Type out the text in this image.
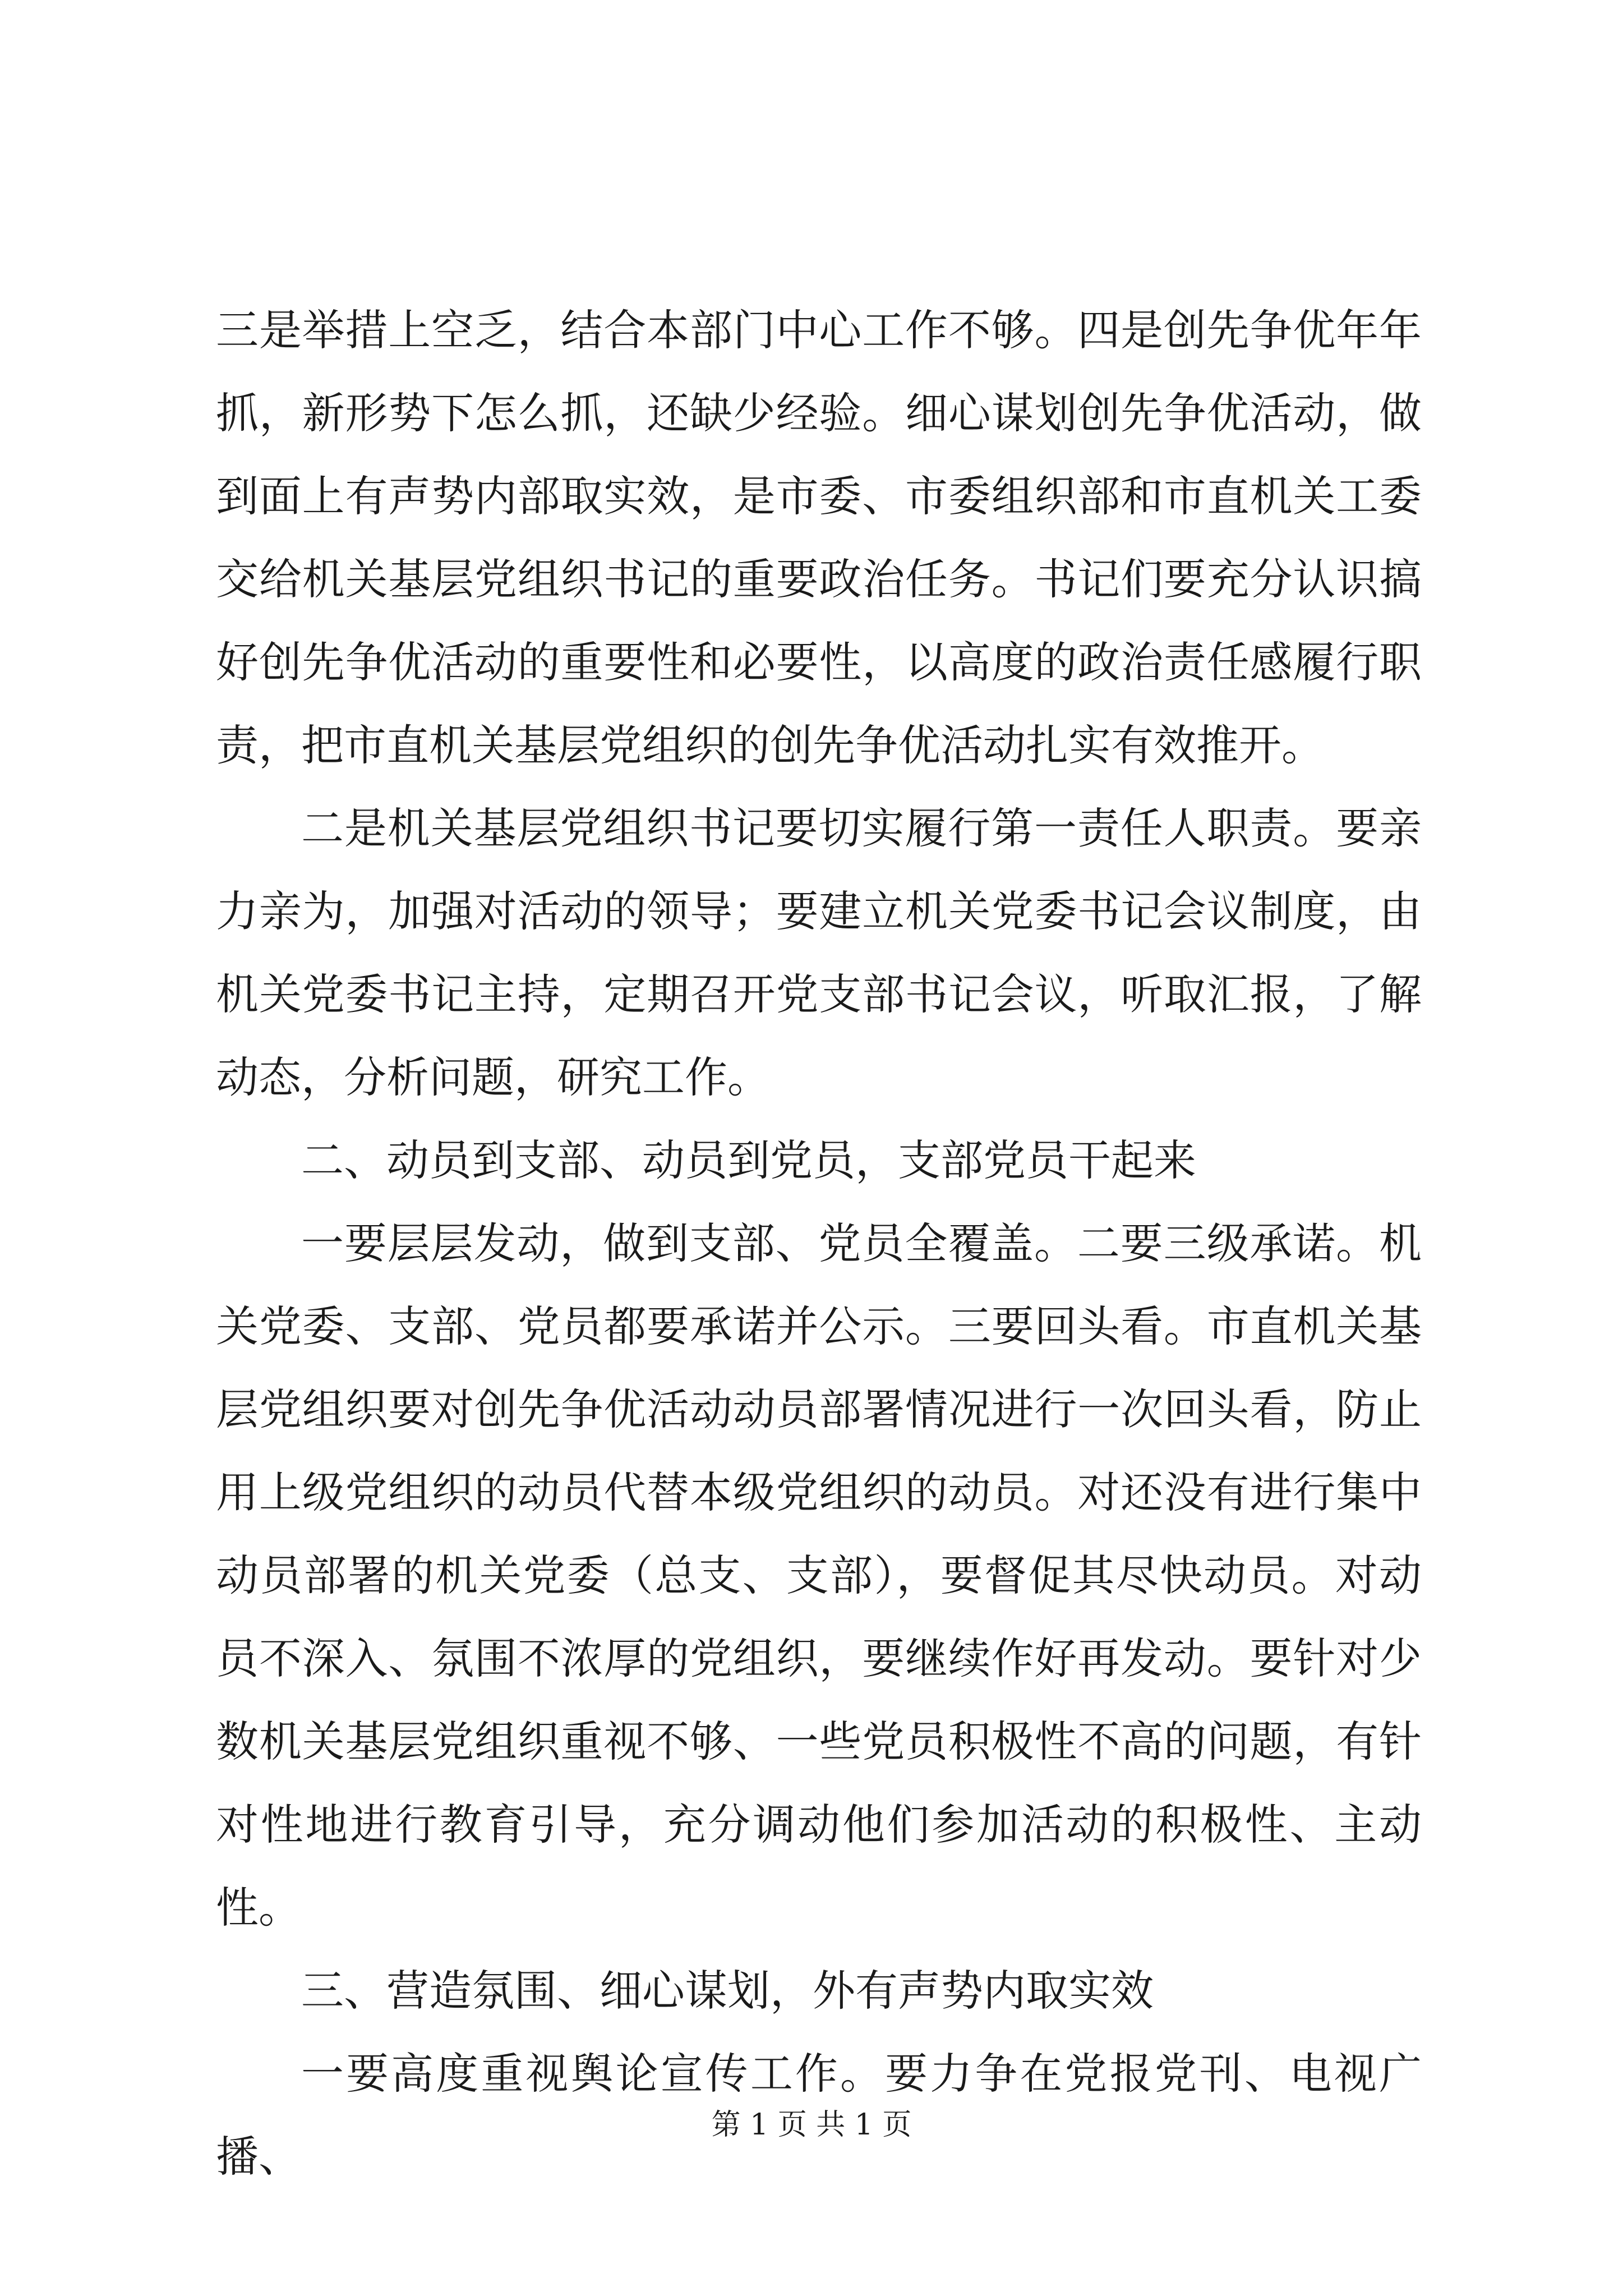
三是举措上空乏，结合本部门中心工作不够。四是创先争优年年抓，新形势下怎么抓，还缺少经验。细心谋划创先争优活动，做到面上有声势内部取实效，是市委、市委组织部和市直机关工委交给机关基层党组织书记的重要政治任务。书记们要充分认识搞好创先争优活动的重要性和必要性，以高度的政治责任感履行职责，把市直机关基层党组织的创先争优活动扎实有效推开。

二是机关基层党组织书记要切实履行第一责任人职责。要亲力亲为，加强对活动的领导；要建立机关党委书记会议制度，由机关党委书记主持，定期召开党支部书记会议，听取汇报，了解动态，分析问题，研究工作。

二、动员到支部、动员到党员，支部党员干起来

一要层层发动，做到支部、党员全覆盖。二要三级承诺。机关党委、支部、党员都要承诺并公示。三要回头看。市直机关基层党组织要对创先争优活动动员部署情况进行一次回头看，防止用上级党组织的动员代替本级党组织的动员。对还没有进行集中动员部署的机关党委（总支、支部），要督促其尽快动员。对动员不深入、氛围不浓厚的党组织，要继续作好再发动。要针对少数机关基层党组织重视不够、一些党员积极性不高的问题，有针对性地进行教育引导，充分调动他们参加活动的积极性、主动性。

三、营造氛围、细心谋划，外有声势内取实效

一要高度重视舆论宣传工作。要力争在党报党刊、电视广播、

第 1 页 共 1 页
